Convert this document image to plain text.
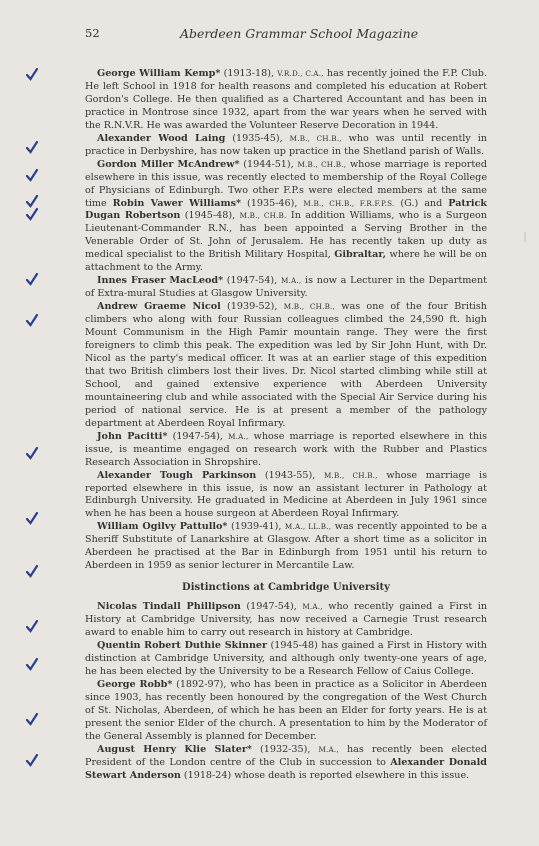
52	Aberdeen Grammar School Magazine

George William Kemp* (1913-18), V.R.D., C.A., has recently joined the F.P. Club. He left School in 1918 for health reasons and completed his education at Robert Gordon's College. He then qualified as a Chartered Accountant and has been in practice in Montrose since 1932, apart from the war years when he served with the R.N.V.R. He was awarded the Volunteer Reserve Decoration in 1944.

Alexander Wood Laing (1935-45), M.B., CH.B., who was until recently in practice in Derbyshire, has now taken up practice in the Shetland parish of Walls.

Gordon Miller McAndrew* (1944-51), M.B., CH.B., whose marriage is reported elsewhere in this issue, was recently elected to membership of the Royal College of Physicians of Edinburgh. Two other F.P.s were elected members at the same time Robin Vawer Williams* (1935-46), M.B., CH.B., F.R.F.P.S. (G.) and Patrick Dugan Robertson (1945-48), M.B., CH.B. In addition Williams, who is a Surgeon Lieutenant-Commander R.N., has been appointed a Serving Brother in the Venerable Order of St. John of Jerusalem. He has recently taken up duty as medical specialist to the British Military Hospital, Gibraltar, where he will be on attachment to the Army.

Innes Fraser MacLeod* (1947-54), M.A., is now a Lecturer in the Department of Extra-mural Studies at Glasgow University.

Andrew Graeme Nicol (1939-52), M.B., CH.B., was one of the four British climbers who along with four Russian colleagues climbed the 24,590 ft. high Mount Communism in the High Pamir mountain range. They were the first foreigners to climb this peak. The expedition was led by Sir John Hunt, with Dr. Nicol as the party's medical officer. It was at an earlier stage of this expedition that two British climbers lost their lives. Dr. Nicol started climbing while still at School, and gained extensive experience with Aberdeen University mountaineering club and while associated with the Special Air Service during his period of national service. He is at present a member of the pathology department at Aberdeen Royal Infirmary.

John Pacitti* (1947-54), M.A., whose marriage is reported elsewhere in this issue, is meantime engaged on research work with the Rubber and Plastics Research Association in Shropshire.

Alexander Tough Parkinson (1943-55), M.B., CH.B., whose marriage is reported elsewhere in this issue, is now an assistant lecturer in Pathology at Edinburgh University. He graduated in Medicine at Aberdeen in July 1961 since when he has been a house surgeon at Aberdeen Royal Infirmary.

William Ogilvy Pattullo* (1939-41), M.A., LL.B., was recently appointed to be a Sheriff Substitute of Lanarkshire at Glasgow. After a short time as a solicitor in Aberdeen he practised at the Bar in Edinburgh from 1951 until his return to Aberdeen in 1959 as senior lecturer in Mercantile Law.

Distinctions at Cambridge University

Nicolas Tindall Phillipson (1947-54), M.A., who recently gained a First in History at Cambridge University, has now received a Carnegie Trust research award to enable him to carry out research in history at Cambridge.

Quentin Robert Duthie Skinner (1945-48) has gained a First in History with distinction at Cambridge University, and although only twenty-one years of age, he has been elected by the University to be a Research Fellow of Caius College.

George Robb* (1892-97), who has been in practice as a Solicitor in Aberdeen since 1903, has recently been honoured by the congregation of the West Church of St. Nicholas, Aberdeen, of which he has been an Elder for forty years. He is at present the senior Elder of the church. A presentation to him by the Moderator of the General Assembly is planned for December.

August Henry Klie Slater* (1932-35), M.A., has recently been elected President of the London centre of the Club in succession to Alexander Donald Stewart Anderson (1918-24) whose death is reported elsewhere in this issue.
